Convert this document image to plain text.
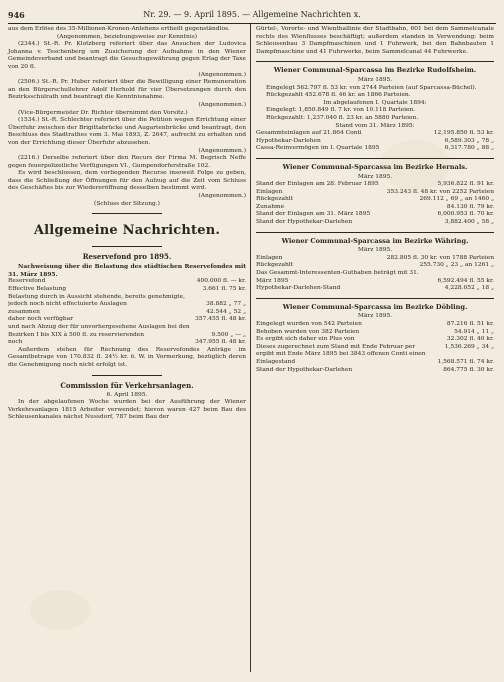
946	Nr. 29. — 9. April 1895. — Allgemeine Nachrichten x.

aus dem Erlöse des 35-Millionen-Kronen-Anlehens ertheilt gegenständlos.

(Angenommen, beziehungsweise zur Kenntnis)

(2344.) St.-R. Pr. Klotzberg referiert über das Ansuchen der Ludovica Johanna v. Teschenberg um Zusicherung der Aufnahme in den Wiener Gemeindeverband und beantragt die Gesuchsgewährung gegen Erlag der Taxe von 20 fl.

(Angenommen.)

(2506.) St.-R. Pr. Huber referiert über die Bewilligung einer Remuneration an den Bürgerschullehrer Adolf Herhold für vier Übersetzungen durch den Bezirksschulrath und beantragt die Kenntnisnahme.

(Angenommen.)

(Vice-Bürgermeister Dr. Richter übernimmt den Vorsitz.)

(1534.) St.-R. Schlechter referiert über die Petition wegen Errichtung einer Überfuhr zwischen der Brigittabrücke und Augartenbrücke und beantragt, den Beschluss des Stadtrathes vom 3. Mai 1893, Z. 2647, aufrecht zu erhalten und von der Errichtung dieser Überfuhr abzusehen.

(Angenommen.)

(2216.) Derselbe referiert über den Recurs der Firma M. Begrisch Neffe gegen feuerpolizeiliche Verfügungen VI., Gumpendorferstraße 102.

Es wird beschlossen, dem vorliegenden Recurse insoweit Folge zu geben, dass die Schließung der Öffnungen für den Aufzug auf die Zeit vom Schluss des Geschäftes bis zur Wiedereröffnung desselben bestimmt wird.

(Angenommen.)

(Schluss der Sitzung.)

Allgemeine Nachrichten.
Reservefond pro 1895.

Nachweisung über die Belastung des städtischen Reservefondes mit 31. März 1895.

Reservefond	400.000 fl. — kr.
Effective Belastung	3.661 fl. 75 kr.
Belastung durch in Aussicht stehende, bereits genehmigte, jedoch noch nicht effectuierte Auslagen	38.882 „ 77 „
zusammen	42.544 „ 52 „
daher noch verfügbar	357.455 fl. 48 kr.
und nach Abzug der für unvorhergesehene Auslagen bei den Bezirken I bis XIX à 500 fl. zu reservierenden	9.500 „ — „
noch	347.955 fl. 48 kr.

Außerdem stehen für Rechnung des Reservefondes Anträge im Gesamtbetrage von 170.832 fl. 24½ kr. ö. W. in Vormerkung, bezüglich deren die Genehmigung noch nicht erfolgt ist.

Commission für Verkehrsanlagen.

6. April 1895.

In der abgelaufenen Woche wurden bei der Ausführung der Wiener Verkehrsanlagen 1815 Arbeiter verwendet; hievon waren 427 beim Bau des Schleusenkanales nächst Nussdorf, 787 beim Bau der

Gürtel-, Vororte- und Wienthallinie der Stadtbahn, 601 bei dem Sammelcanale rechts des Wienflusses beschäftigt; außerdem standen in Verwendung: beim Schleusenbau 3 Dampfmaschinen und 1 Fuhrwerk, bei den Bahnbauten 1 Dampfmaschine und 41 Fuhrwerke, beim Sammelcanal 44 Fuhrwerke.

Wiener Communal-Sparcassa im Bezirke Rudolfsheim.

März 1895.

Eingelegt 562.797 fl. 53 kr. von 2744 Parteien (auf Sparcassa-Büchel).

Rückgezahlt 452.678 fl. 46 kr. an 1866 Parteien.

Im abgelaufenen I. Quartale 1894:

Eingelegt: 1,850.849 fl. 7 kr. von 10.118 Parteien.

Rückgezahlt: 1,237.040 fl. 23 kr. an 5880 Parteien.

Stand vom 31. März 1895:

Gesammteinlagen auf 21.864 Conti	12,195.850 fl. 53 kr.
Hypothekar-Darlehen	6,589.303 „ 78 „
Cassa-Reinvermögen im I. Quartale 1895	6,317.780 „ 88 „
Wiener Communal-Sparcassa im Bezirke Hernals.

März 1895.

Stand der Einlagen am 28. Februar 1895	5,936.822 fl. 91 kr.
Einlagen	353.243 fl. 48 kr. von 2252 Parteien
Rückgezahlt	269.112 „ 69 „ an 1460 „
Zunahme	84.130 fl. 79 kr.
Stand der Einlagen am 31. März 1895	6,000.953 fl. 70 kr.
Stand der Hypothekar-Darlehen	3,882.400 „ 58 „
Wiener Communal-Sparcassa im Bezirke Währing.

März 1895.

Einlagen	282.805 fl. 30 kr. von 1788 Parteien
Rückgezahlt	255.730 „ 23 „ an 1261 „
Das Gesammt-Interessenten-Guthaben beträgt mit 31. März 1895	6,592.494 fl. 55 kr.
Hypothekar-Darlehen-Stand	4,228.052 „ 18 „
Wiener Communal-Sparcassa im Bezirke Döbling.

März 1895.

Eingelegt wurden von 542 Parteien	87.216 fl. 51 kr.
Behoben wurden von 382 Parteien	54.914 „ 11 „
Es ergibt sich daher ein Plus von	32.302 fl. 40 kr.
Dieses zugerechnet zum Stand mit Ende Februar per	1,536.269 „ 34 „
ergibt mit Ende März 1895 bei 3843 offenen Conti einen Einlagestand	1,568.571 fl. 74 kr.
Stand der Hypothekar-Darlehen	864.775 fl. 30 kr.
